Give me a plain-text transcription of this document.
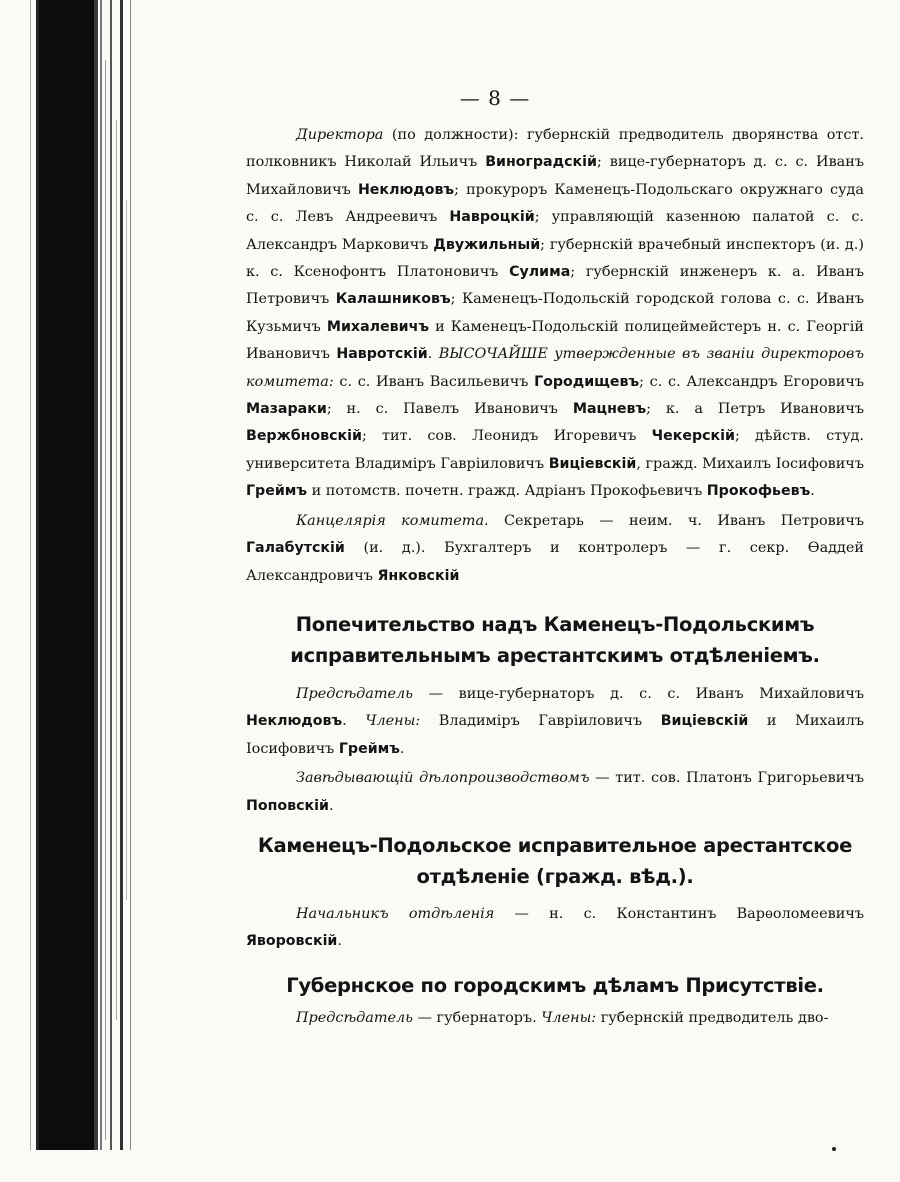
— 8 —

Директора (по должности): губернскій предводитель дворянства отст. полковникъ Николай Ильичъ Виноградскій; вице-губернаторъ д. с. с. Иванъ Михайловичъ Неклюдовъ; прокуроръ Каменецъ-Подольскаго окружнаго суда с. с. Левъ Андреевичъ Навроцкій; управляющій казенною палатой с. с. Александръ Марковичъ Двужильный; губернскій врачебный инспекторъ (и. д.) к. с. Ксенофонтъ Платоновичъ Сулима; губернскій инженеръ к. а. Иванъ Петровичъ Калашниковъ; Каменецъ-Подольскій городской голова с. с. Иванъ Кузьмичъ Михалевичъ и Каменецъ-Подольскій полицеймейстеръ н. с. Георгій Ивановичъ Навротскій. ВЫСОЧАЙШЕ утвержденные въ званіи директоровъ комитета: с. с. Иванъ Васильевичъ Городищевъ; с. с. Александръ Егоровичъ Мазараки; н. с. Павелъ Ивановичъ Мацневъ; к. а Петръ Ивановичъ Вержбновскій; тит. сов. Леонидъ Игоревичъ Чекерскій; дѣйств. студ. университета Владиміръ Гавріиловичъ Виціевскій, гражд. Михаилъ Іосифовичъ Греймъ и потомств. почетн. гражд. Адріанъ Прокофьевичъ Прокофьевъ.

Канцелярія комитета. Секретарь — неим. ч. Иванъ Петровичъ Галабутскій (и. д.). Бухгалтеръ и контролеръ — г. секр. Ѳаддей Александровичъ Янковскій

Попечительство надъ Каменецъ-Подольскимъ исправительнымъ арестантскимъ отдѣленіемъ.

Предсѣдатель — вице-губернаторъ д. с. с. Иванъ Михайловичъ Неклюдовъ. Члены: Владиміръ Гавріиловичъ Виціевскій и Михаилъ Іосифовичъ Греймъ.

Завѣдывающій дѣлопроизводствомъ — тит. сов. Платонъ Григорьевичъ Поповскій.

Каменецъ-Подольское исправительное арестантское отдѣленіе (гражд. вѣд.).

Начальникъ отдѣленія — н. с. Константинъ Варѳоломеевичъ Яворовскій.

Губернское по городскимъ дѣламъ Присутствіе.

Предсѣдатель — губернаторъ. Члены: губернскій предводитель дво-
